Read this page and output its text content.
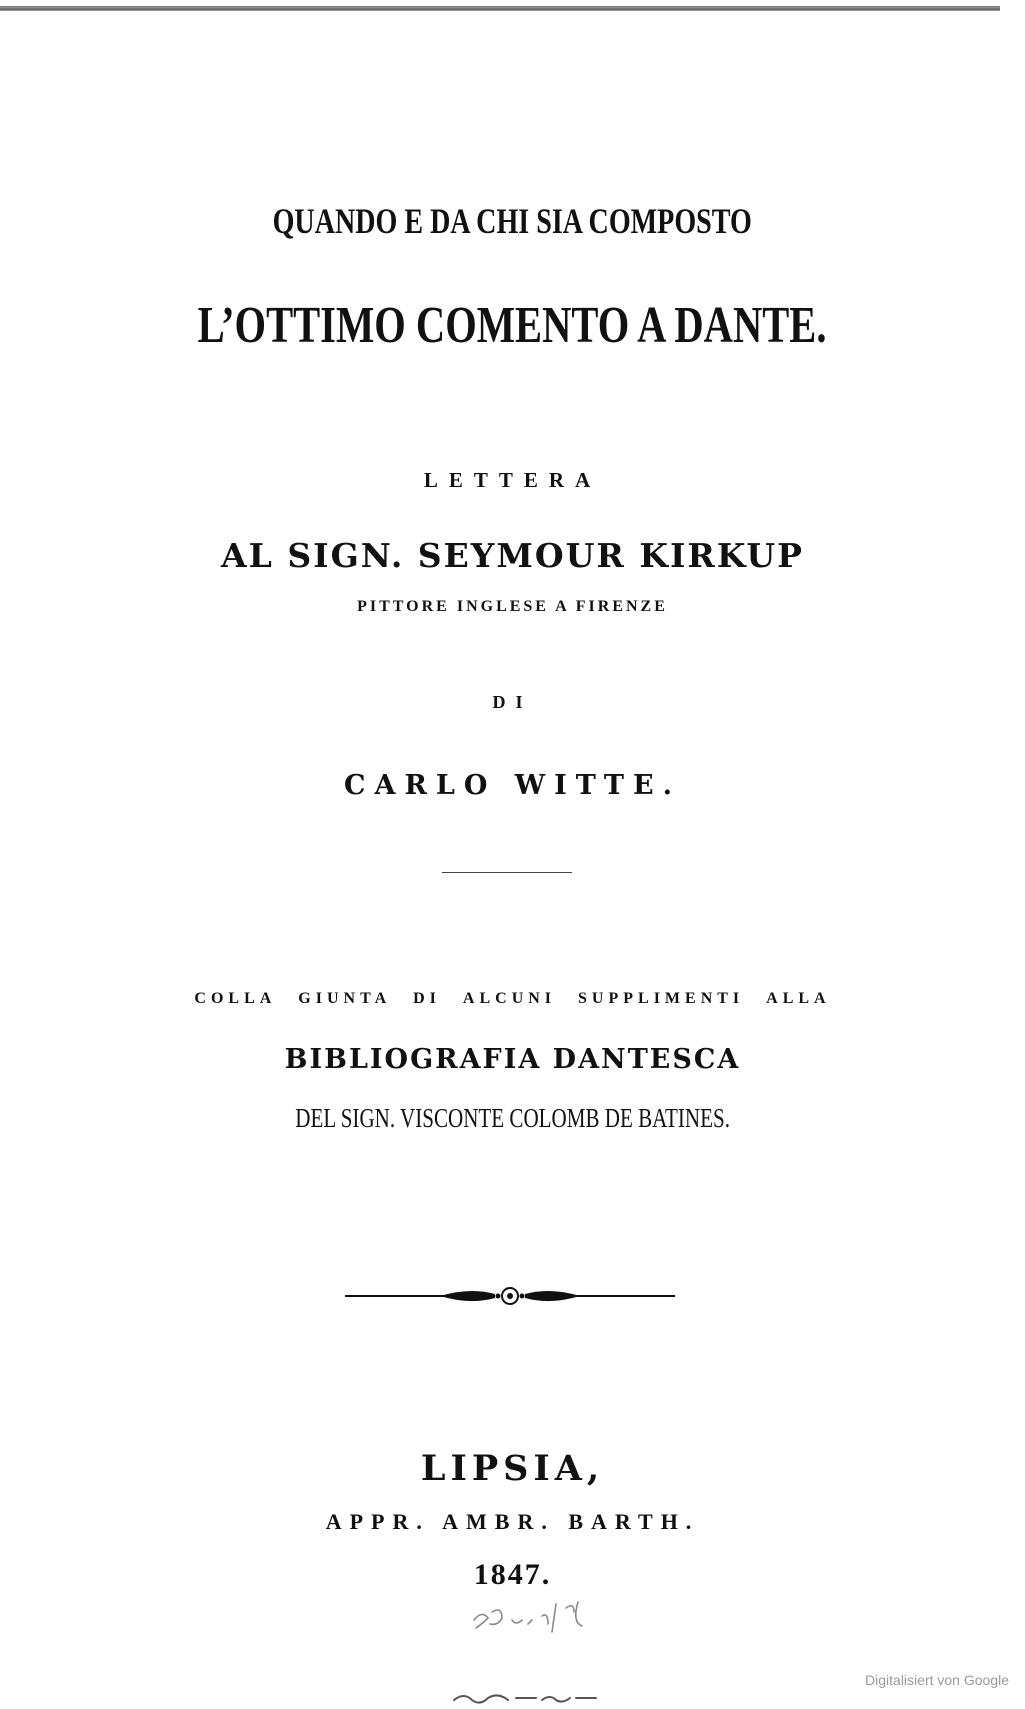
QUANDO E DA CHI SIA COMPOSTO
L’OTTIMO COMENTO A DANTE.
LETTERA
AL SIGN. SEYMOUR KIRKUP
PITTORE INGLESE A FIRENZE
DI
CARLO WITTE.
COLLA GIUNTA DI ALCUNI SUPPLIMENTI ALLA
BIBLIOGRAFIA DANTESCA
DEL SIGN. VISCONTE COLOMB DE BATINES.
LIPSIA,
APPR. AMBR. BARTH.
1847.
Digitalisiert von Google
